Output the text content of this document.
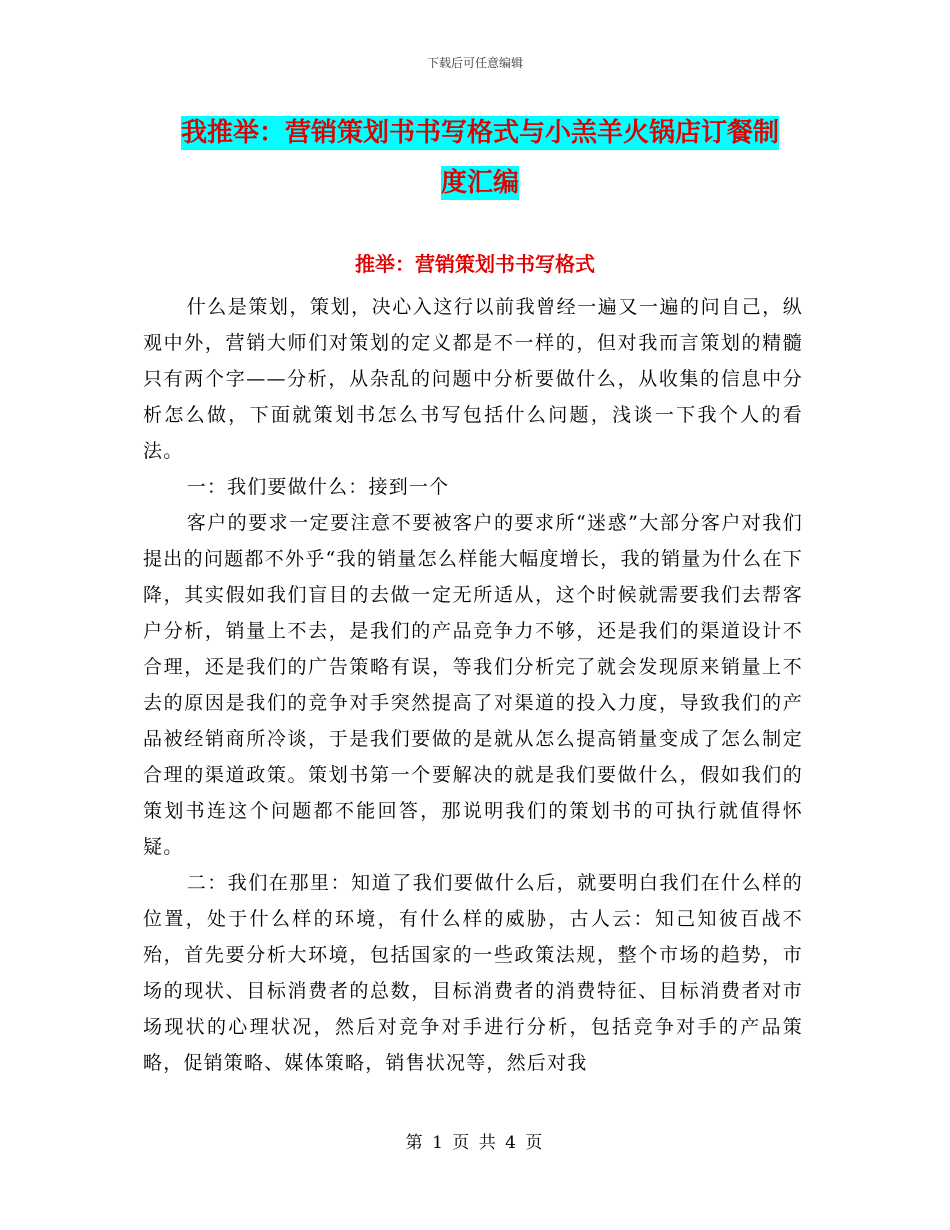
下载后可任意编辑
我推举：营销策划书书写格式与小羔羊火锅店订餐制
度汇编
推举：营销策划书书写格式

什么是策划，策划，决心入这行以前我曾经一遍又一遍的问自己，纵观中外，营销大师们对策划的定义都是不一样的，但对我而言策划的精髓只有两个字——分析，从杂乱的问题中分析要做什么，从收集的信息中分析怎么做，下面就策划书怎么书写包括什么问题，浅谈一下我个人的看法。

一：我们要做什么：接到一个

客户的要求一定要注意不要被客户的要求所“迷惑”大部分客户对我们提出的问题都不外乎“我的销量怎么样能大幅度增长，我的销量为什么在下降，其实假如我们盲目的去做一定无所适从，这个时候就需要我们去帮客户分析，销量上不去，是我们的产品竞争力不够，还是我们的渠道设计不合理，还是我们的广告策略有误，等我们分析完了就会发现原来销量上不去的原因是我们的竞争对手突然提高了对渠道的投入力度，导致我们的产品被经销商所冷谈，于是我们要做的是就从怎么提高销量变成了怎么制定合理的渠道政策。策划书第一个要解决的就是我们要做什么，假如我们的策划书连这个问题都不能回答，那说明我们的策划书的可执行就值得怀疑。

二：我们在那里：知道了我们要做什么后，就要明白我们在什么样的位置，处于什么样的环境，有什么样的威胁，古人云：知己知彼百战不殆，首先要分析大环境，包括国家的一些政策法规，整个市场的趋势，市场的现状、目标消费者的总数，目标消费者的消费特征、目标消费者对市场现状的心理状况，然后对竞争对手进行分析，包括竞争对手的产品策略，促销策略、媒体策略，销售状况等，然后对我

第 1 页 共 4 页
